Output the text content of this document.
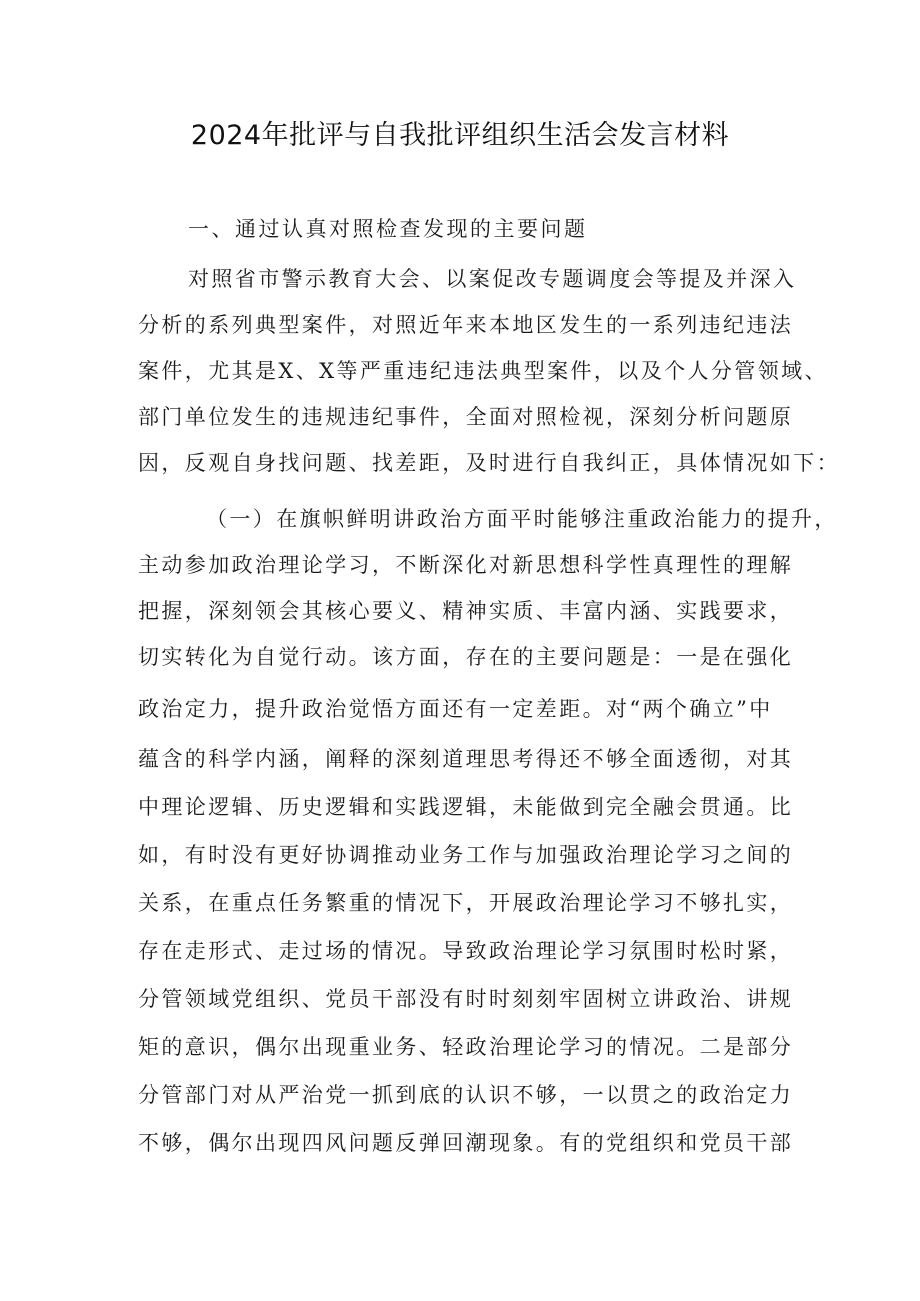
2024年批评与自我批评组织生活会发言材料
一、通过认真对照检查发现的主要问题
对照省市警示教育大会、以案促改专题调度会等提及并深入
分析的系列典型案件，对照近年来本地区发生的一系列违纪违法
案件，尤其是X、X等严重违纪违法典型案件，以及个人分管领域、
部门单位发生的违规违纪事件，全面对照检视，深刻分析问题原
因，反观自身找问题、找差距，及时进行自我纠正，具体情况如下：
（一）在旗帜鲜明讲政治方面平时能够注重政治能力的提升，
主动参加政治理论学习，不断深化对新思想科学性真理性的理解
把握，深刻领会其核心要义、精神实质、丰富内涵、实践要求，
切实转化为自觉行动。该方面，存在的主要问题是：一是在强化
政治定力，提升政治觉悟方面还有一定差距。对“两个确立”中
蕴含的科学内涵，阐释的深刻道理思考得还不够全面透彻，对其
中理论逻辑、历史逻辑和实践逻辑，未能做到完全融会贯通。比
如，有时没有更好协调推动业务工作与加强政治理论学习之间的
关系，在重点任务繁重的情况下，开展政治理论学习不够扎实，
存在走形式、走过场的情况。导致政治理论学习氛围时松时紧，
分管领域党组织、党员干部没有时时刻刻牢固树立讲政治、讲规
矩的意识，偶尔出现重业务、轻政治理论学习的情况。二是部分
分管部门对从严治党一抓到底的认识不够，一以贯之的政治定力
不够，偶尔出现四风问题反弹回潮现象。有的党组织和党员干部
